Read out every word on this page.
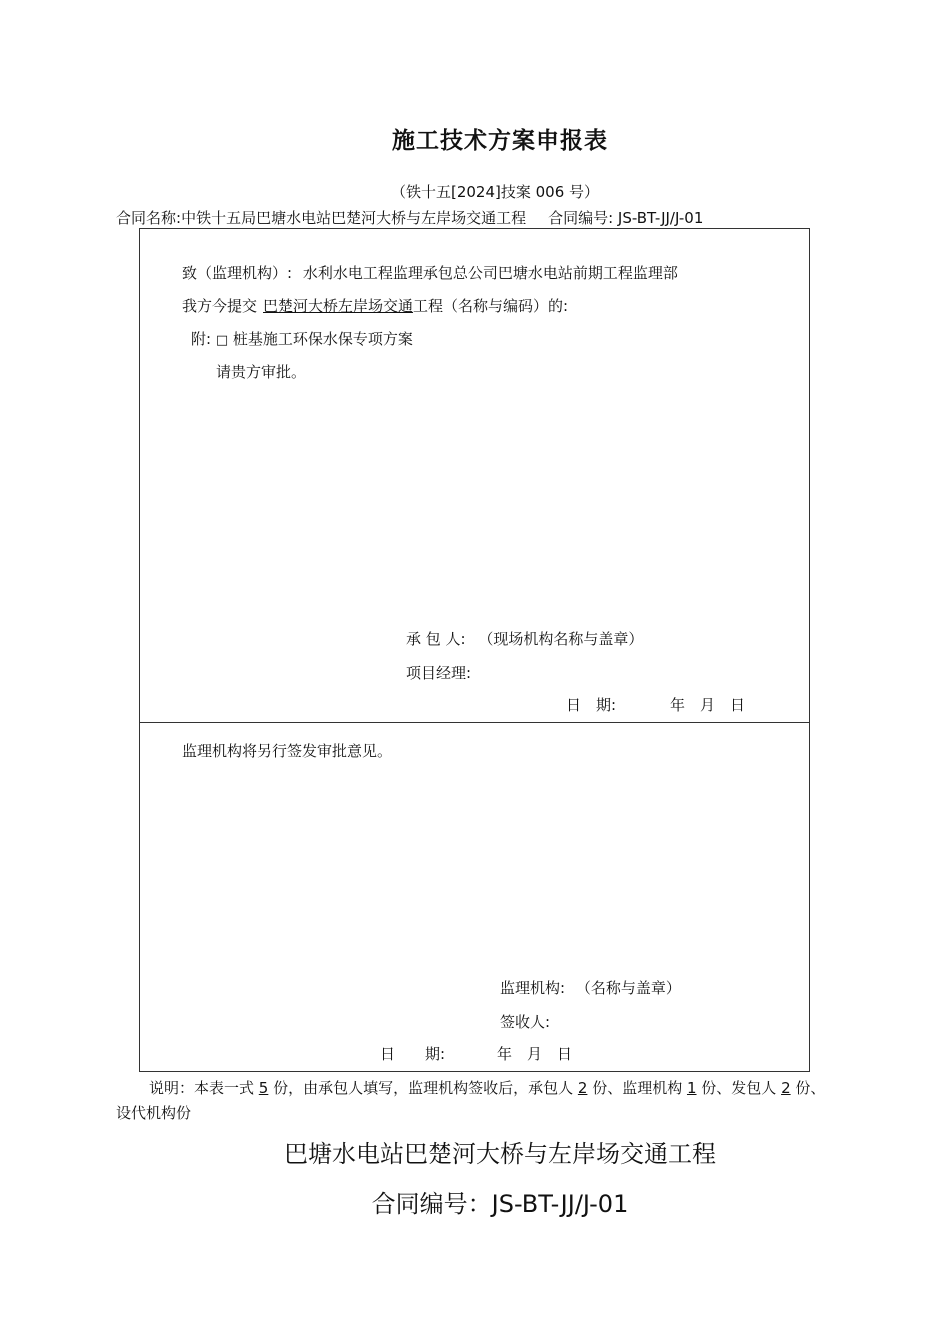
施工技术方案申报表
（铁十五[2024]技案 006 号）
合同名称:中铁十五局巴塘水电站巴楚河大桥与左岸场交通工程 合同编号: JS-BT-JJ/J-01
致（监理机构）: 水利水电工程监理承包总公司巴塘水电站前期工程监理部
我方今提交 巴楚河大桥左岸场交通工程（名称与编码）的:
附: □ 桩基施工环保水保专项方案
请贵方审批。
承 包 人: （现场机构名称与盖章）
项目经理:
日　期:	年　月　日
监理机构将另行签发审批意见。
监理机构: （名称与盖章）
签收人:
日　　期:	年　月　日
说明：本表一式 5 份，由承包人填写，监理机构签收后，承包人 2 份、监理机构 1 份、发包人 2 份、设代机构份
巴塘水电站巴楚河大桥与左岸场交通工程
合同编号：JS-BT-JJ/J-01
